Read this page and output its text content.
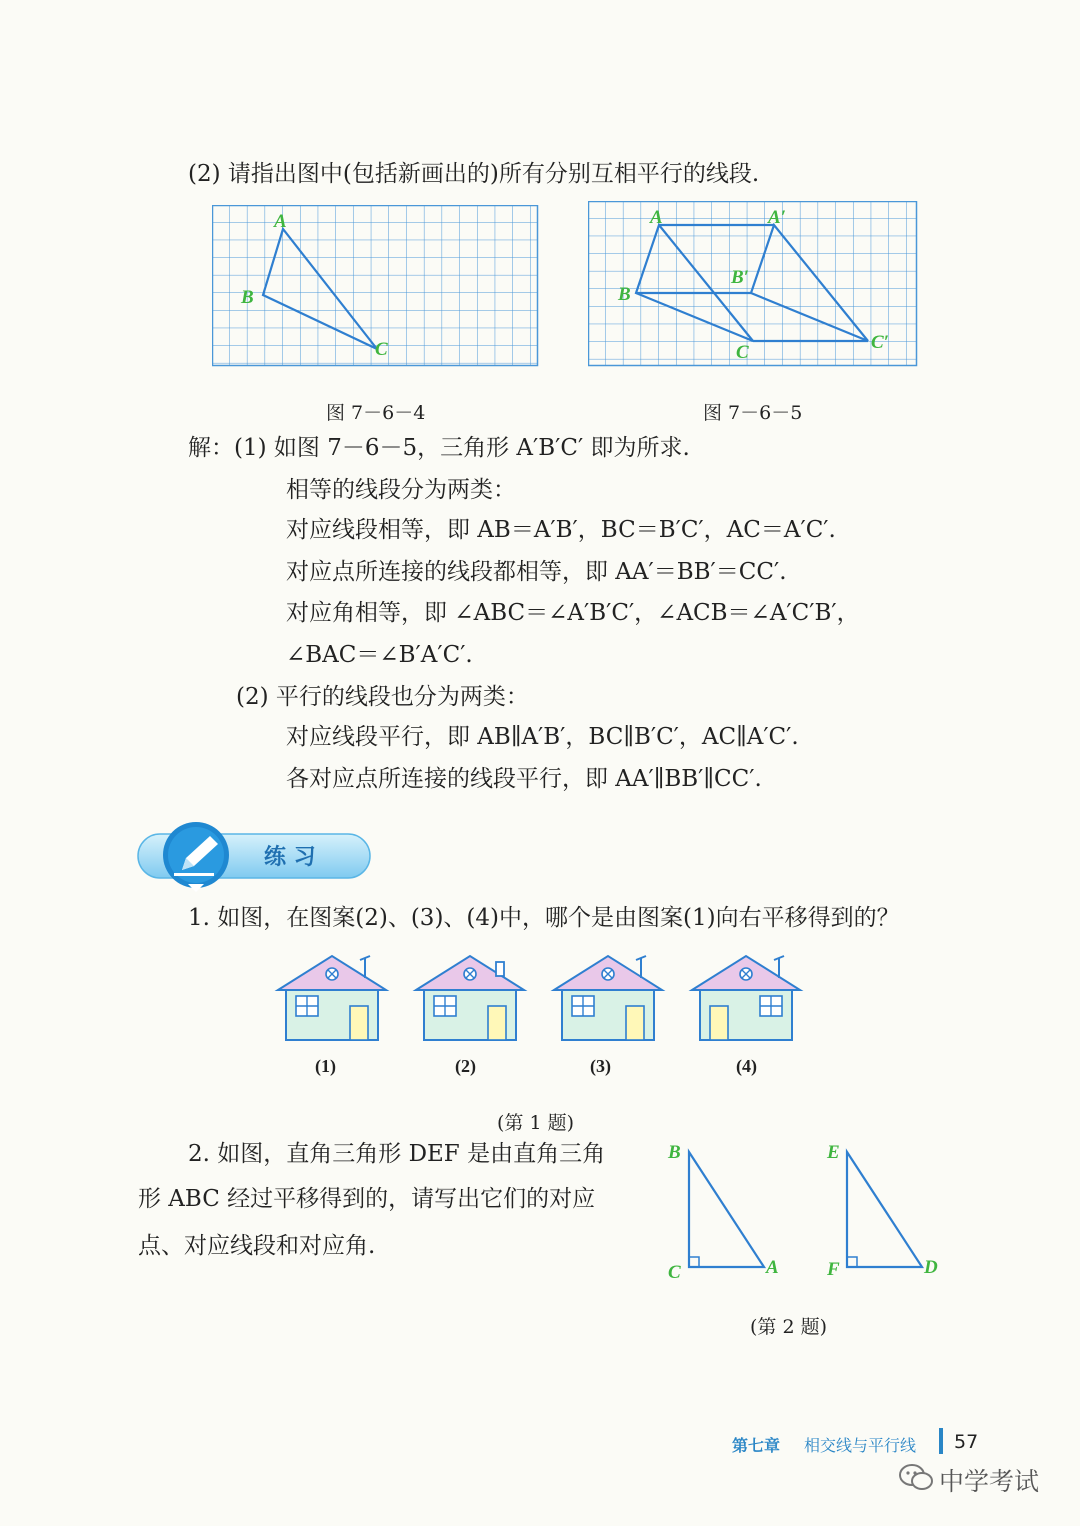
(2) 请指出图中(包括新画出的)所有分别互相平行的线段.
A
B
C
图 7－6－4
A	A′
B
B′
C	C′
图 7－6－5
解：(1) 如图 7－6－5，三角形 A′B′C′ 即为所求.
相等的线段分为两类：
对应线段相等，即 AB＝A′B′，BC＝B′C′，AC＝A′C′.
对应点所连接的线段都相等，即 AA′＝BB′＝CC′.
对应角相等，即 ∠ABC＝∠A′B′C′，∠ACB＝∠A′C′B′，
∠BAC＝∠B′A′C′.
(2) 平行的线段也分为两类：
对应线段平行，即 AB∥A′B′，BC∥B′C′，AC∥A′C′.
各对应点所连接的线段平行，即 AA′∥BB′∥CC′.
练 习
1. 如图，在图案(2)、(3)、(4)中，哪个是由图案(1)向右平移得到的？
(1)	(2)	(3)	(4)
(第 1 题)
2. 如图，直角三角形 DEF 是由直角三角
形 ABC 经过平移得到的，请写出它们的对应
点、对应线段和对应角.
B
C	A
E
F	D
(第 2 题)
第七章 相交线与平行线 57
中学考试
